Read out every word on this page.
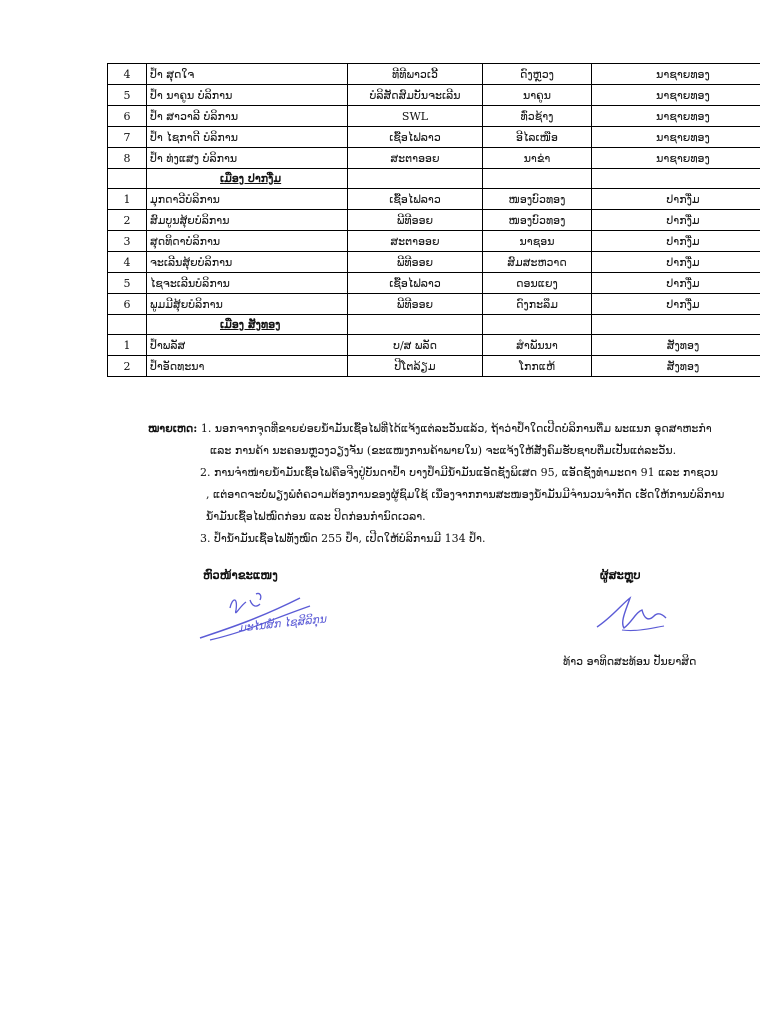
4	ປໍ້າ ສຸດໃຈ	ທີທີພາວເວີ້	ດົງຫຼວງ	ນາຊາຍທອງ
5	ປໍ້າ ນາຄູນ ບໍລິການ	ບໍລິສັດສົມບັນຈະເລີນ	ນາຄູນ	ນາຊາຍທອງ
6	ປໍ້າ ສາວາລີ ບໍລິການ	SWL	ທົ່ວຊ້າງ	ນາຊາຍທອງ
7	ປໍ້າ ໄຊກາດີ ບໍລິການ	ເຊື້ອໄຟລາວ	ອີໄລເໜືອ	ນາຊາຍທອງ
8	ປໍ້າ ທ່ງແສງ ບໍລິການ	ສະຕາອອຍ	ນາຂ່າ	ນາຊາຍທອງ
	ເມືອງ ປາກງື່ມ			
1	ມຸກດາວີບໍລິການ	ເຊື້ອໄຟລາວ	ໜອງບົວທອງ	ປາກງື່ມ
2	ສົມບູນສຸ້ຍບໍລິການ	ພີທີອອຍ	ໜອງບົວທອງ	ປາກງື່ມ
3	ສຸດທິດາບໍລິການ	ສະຕາອອຍ	ນາຊອນ	ປາກງື່ມ
4	ຈະເລີນສຸ້ຍບໍລິການ	ພີທີອອຍ	ສົມສະຫວາດ	ປາກງື່ມ
5	ໄຊຈະເລີນບໍລິການ	ເຊື້ອໄຟລາວ	ດອນແຍງ	ປາກງື່ມ
6	ພູມມີສຸ້ຍບໍລິການ	ພີທີອອຍ	ດົງກະລຶມ	ປາກງື່ມ
	ເມືອງ ສັງທອງ			
1	ປໍ້າພລັສ	ບ/ສ ພລັດ	ສຳພັນນາ	ສັງທອງ
2	ປໍ້າອັດທະນາ	ປີໂຕລ້ຽມ	ໂກກແຫ້	ສັງທອງ
ໝາຍເຫດ: 1. ນອກຈາກຈຸດທີ່ຂາຍຍ່ອຍນ້ຳມັນເຊື້ອໄຟທີ່ໄດ້ແຈ້ງແຕ່ລະວັນແລ້ວ, ຖ້າວ່າປໍ້າໃດເປີດບໍລິການຕື່ມ ພະແນກ ອຸດສາຫະກຳ
ແລະ ການຄ້າ ນະຄອນຫຼວງວຽງຈັນ (ຂະແໜງການຄ້າພາຍໃນ) ຈະແຈ້ງໃຫ້ສັງຄົມຮັບຊາບຕື່ມເປັນແຕ່ລະວັນ.
2. ການຈຳໜ່າຍນ້ຳມັນເຊື້ອໄຟຄືອຈີງປູ່ບັນດາປໍ້າ ບາງປໍ້າມີນ້ຳມັນແອັດຊັງພິເສດ 95, ແອັດຊັງທຳມະດາ 91 ແລະ ກາຊວນ
, ແຕ່ອາດຈະບໍ່ພຽງພໍຕໍ່ຄວາມຕ້ອງການຂອງຜູ້ຊົມໃຊ້ ເນື່ອງຈາກການສະໜອງນ້ຳມັນມີຈຳນວນຈຳກັດ ເຮັດໃຫ້ການບໍລິການ
ນ້ຳມັນເຊື້ອໄຟໝົດກ່ອນ ແລະ ປິດກ່ອນກຳນົດເວລາ.
3. ປໍ້ານ້ຳມັນເຊື້ອໄຟທັງໝົດ 255 ປໍ້າ, ເປີດໃຫ້ບໍລິການມີ 134 ປໍ້າ.
ຫົວໜ້າຂະແໜງ
ມະໄນສັກ ໄຊສິລິກຸນ
ຜູ້ສະຫຼຸບ
ທ້າວ ອາທິດສະທ້ອນ ປັນຍາສິດ
